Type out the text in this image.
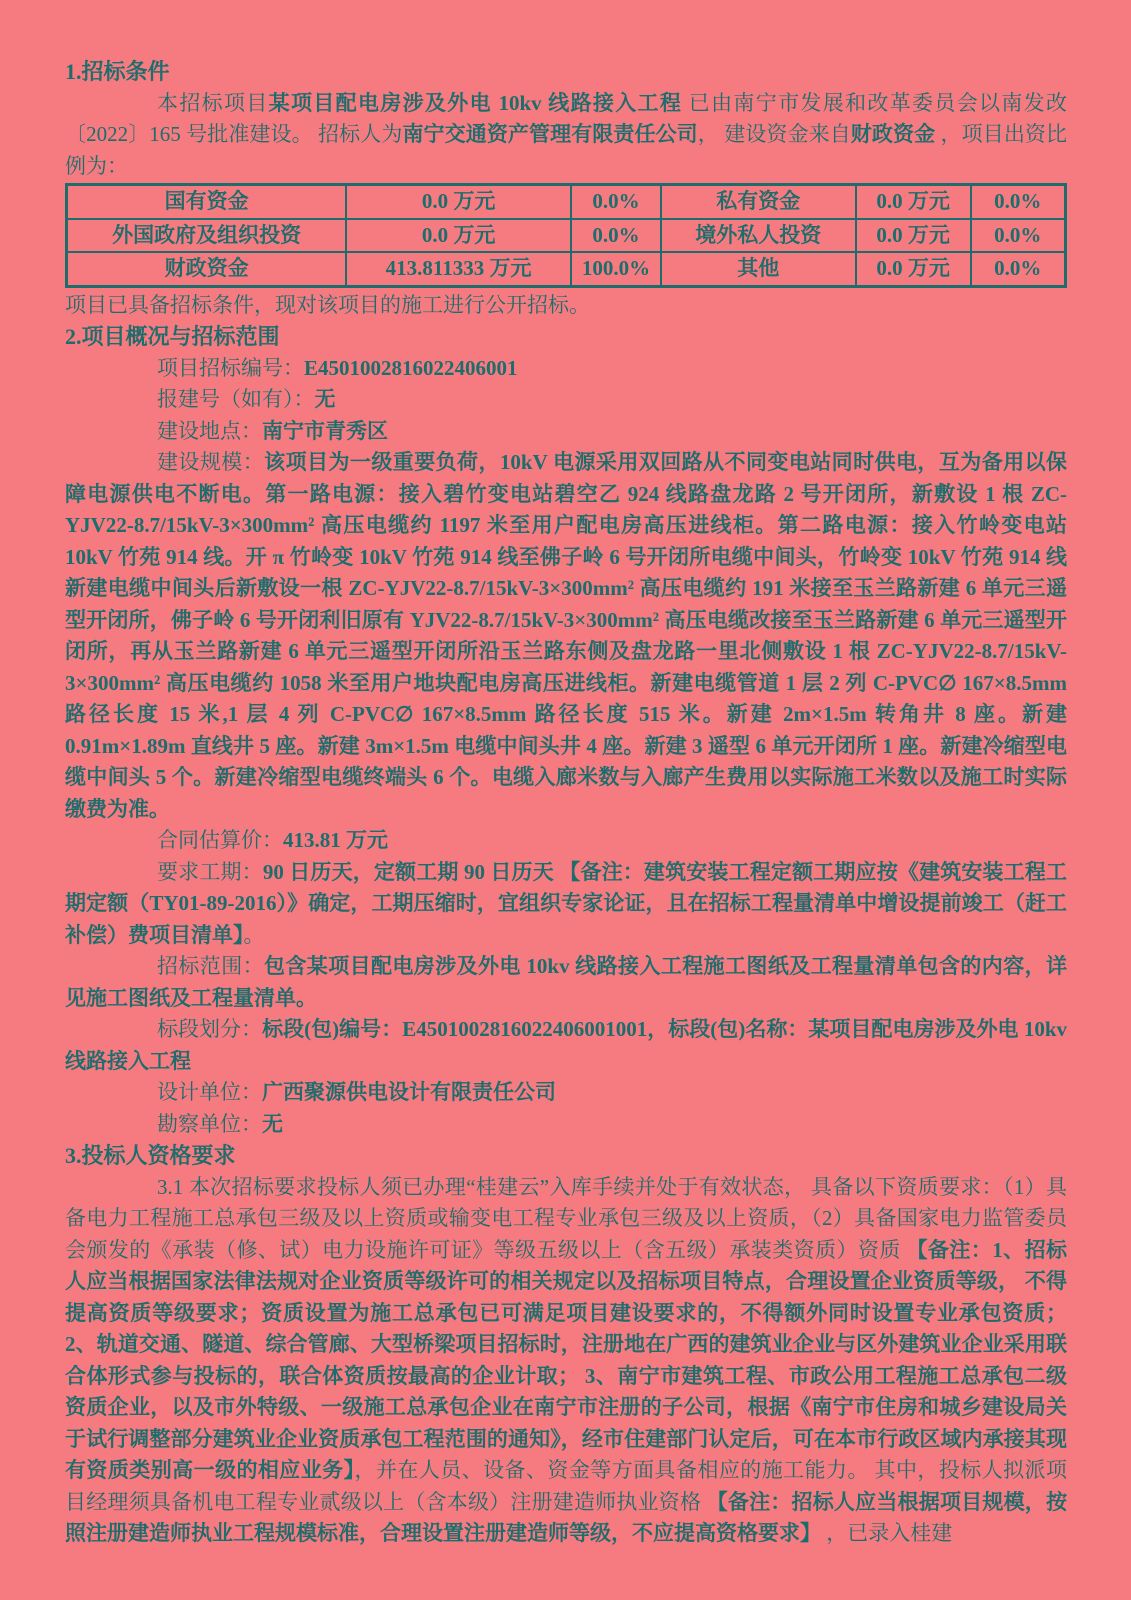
1.招标条件

本招标项目某项目配电房涉及外电 10kv 线路接入工程 已由南宁市发展和改革委员会以南发改〔2022〕165 号批准建设。 招标人为南宁交通资产管理有限责任公司， 建设资金来自财政资金 ，项目出资比例为：

国有资金	0.0 万元	0.0%	私有资金	0.0 万元	0.0%
外国政府及组织投资	0.0 万元	0.0%	境外私人投资	0.0 万元	0.0%
财政资金	413.811333 万元	100.0%	其他	0.0 万元	0.0%

项目已具备招标条件，现对该项目的施工进行公开招标。

2.项目概况与招标范围

项目招标编号：E4501002816022406001

报建号（如有）：无

建设地点：南宁市青秀区

建设规模：该项目为一级重要负荷，10kV 电源采用双回路从不同变电站同时供电，互为备用以保障电源供电不断电。第一路电源：接入碧竹变电站碧空乙 924 线路盘龙路 2 号开闭所，新敷设 1 根 ZC-YJV22-8.7/15kV-3×300mm² 高压电缆约 1197 米至用户配电房高压进线柜。第二路电源：接入竹岭变电站 10kV 竹苑 914 线。开 π 竹岭变 10kV 竹苑 914 线至佛子岭 6 号开闭所电缆中间头，竹岭变 10kV 竹苑 914 线新建电缆中间头后新敷设一根 ZC-YJV22-8.7/15kV-3×300mm² 高压电缆约 191 米接至玉兰路新建 6 单元三遥型开闭所，佛子岭 6 号开闭利旧原有 YJV22-8.7/15kV-3×300mm² 高压电缆改接至玉兰路新建 6 单元三遥型开闭所，再从玉兰路新建 6 单元三遥型开闭所沿玉兰路东侧及盘龙路一里北侧敷设 1 根 ZC-YJV22-8.7/15kV-3×300mm² 高压电缆约 1058 米至用户地块配电房高压进线柜。新建电缆管道 1 层 2 列 C-PVC∅ 167×8.5mm 路径长度 15 米,1 层 4 列 C-PVC∅ 167×8.5mm 路径长度 515 米。新建 2m×1.5m 转角井 8 座。新建 0.91m×1.89m 直线井 5 座。新建 3m×1.5m 电缆中间头井 4 座。新建 3 遥型 6 单元开闭所 1 座。新建冷缩型电缆中间头 5 个。新建冷缩型电缆终端头 6 个。电缆入廊米数与入廊产生费用以实际施工米数以及施工时实际缴费为准。

合同估算价：413.81 万元

要求工期：90 日历天，定额工期 90 日历天 【备注：建筑安装工程定额工期应按《建筑安装工程工期定额（TY01-89-2016）》确定，工期压缩时，宜组织专家论证，且在招标工程量清单中增设提前竣工（赶工补偿）费项目清单】。

招标范围：包含某项目配电房涉及外电 10kv 线路接入工程施工图纸及工程量清单包含的内容，详见施工图纸及工程量清单。

标段划分：标段(包)编号：E4501002816022406001001，标段(包)名称：某项目配电房涉及外电 10kv 线路接入工程

设计单位：广西聚源供电设计有限责任公司

勘察单位：无

3.投标人资格要求

3.1 本次招标要求投标人须已办理“桂建云”入库手续并处于有效状态， 具备以下资质要求：（1）具备电力工程施工总承包三级及以上资质或输变电工程专业承包三级及以上资质，（2）具备国家电力监管委员会颁发的《承装（修、试）电力设施许可证》等级五级以上（含五级）承装类资质）资质 【备注：1、招标人应当根据国家法律法规对企业资质等级许可的相关规定以及招标项目特点，合理设置企业资质等级， 不得提高资质等级要求；资质设置为施工总承包已可满足项目建设要求的，不得额外同时设置专业承包资质； 2、轨道交通、隧道、综合管廊、大型桥梁项目招标时，注册地在广西的建筑业企业与区外建筑业企业采用联合体形式参与投标的，联合体资质按最高的企业计取； 3、南宁市建筑工程、市政公用工程施工总承包二级资质企业，以及市外特级、一级施工总承包企业在南宁市注册的子公司，根据《南宁市住房和城乡建设局关于试行调整部分建筑业企业资质承包工程范围的通知》，经市住建部门认定后，可在本市行政区域内承接其现有资质类别高一级的相应业务】，并在人员、设备、资金等方面具备相应的施工能力。 其中，投标人拟派项目经理须具备机电工程专业贰级以上（含本级）注册建造师执业资格 【备注：招标人应当根据项目规模，按照注册建造师执业工程规模标准，合理设置注册建造师等级，不应提高资格要求】 ，已录入桂建
